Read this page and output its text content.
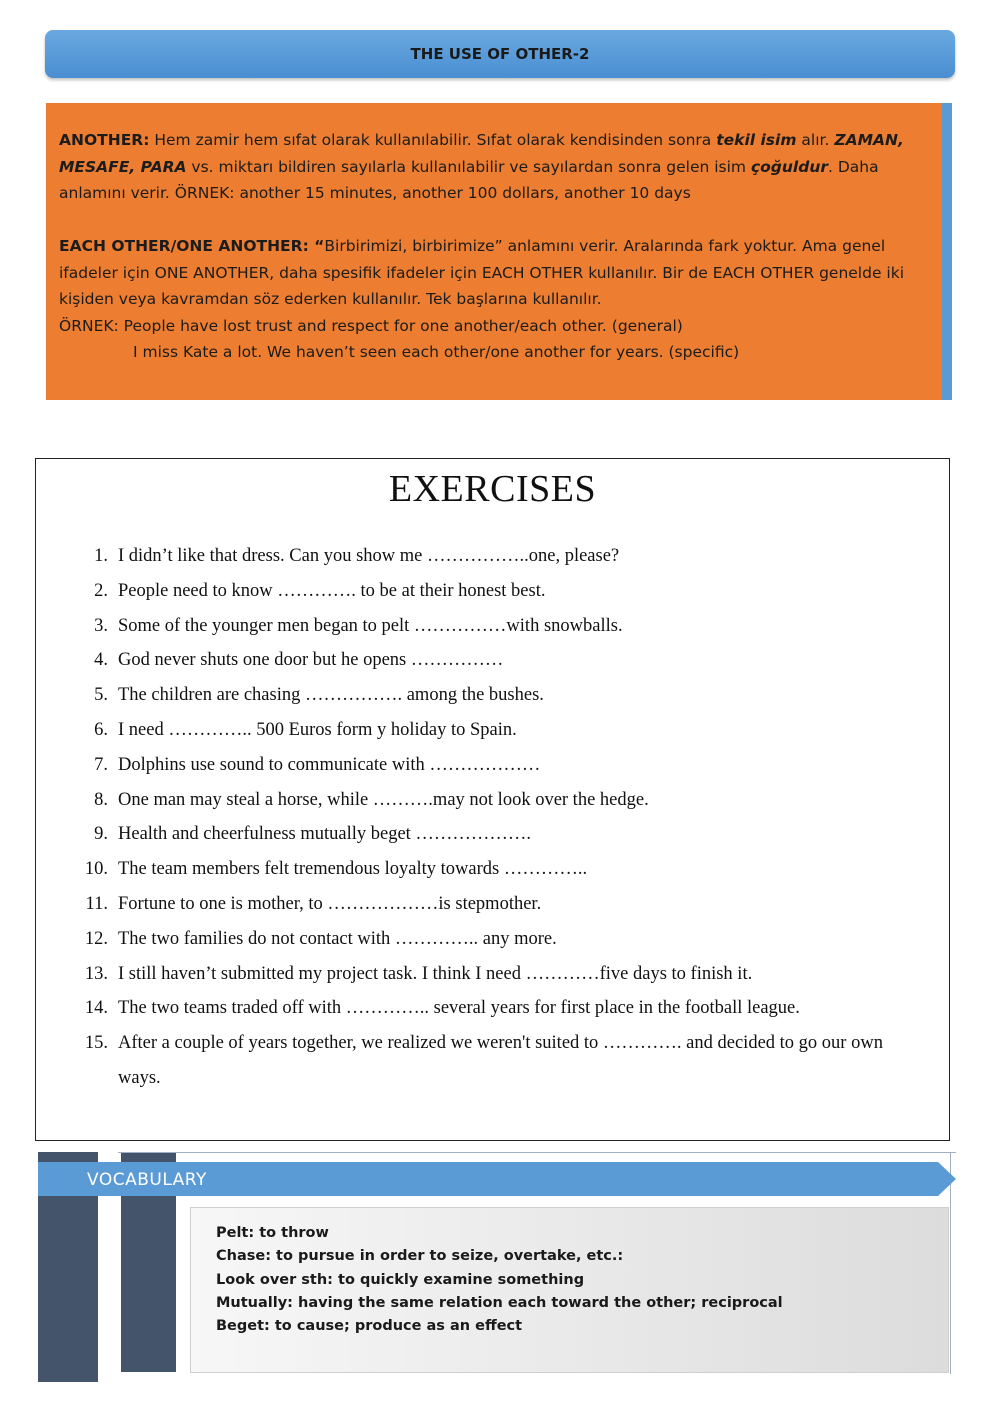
THE USE OF OTHER-2

ANOTHER: Hem zamir hem sıfat olarak kullanılabilir. Sıfat olarak kendisinden sonra tekil isim alır. ZAMAN, MESAFE, PARA vs. miktarı bildiren sayılarla kullanılabilir ve sayılardan sonra gelen isim çoğuldur. Daha anlamını verir. ÖRNEK: another 15 minutes, another 100 dollars, another 10 days

EACH OTHER/ONE ANOTHER: “Birbirimizi, birbirimize” anlamını verir. Aralarında fark yoktur. Ama genel ifadeler için ONE ANOTHER, daha spesifik ifadeler için EACH OTHER kullanılır. Bir de EACH OTHER genelde iki kişiden veya kavramdan söz ederken kullanılır. Tek başlarına kullanılır.

ÖRNEK: People have lost trust and respect for one another/each other. (general)

I miss Kate a lot. We haven’t seen each other/one another for years. (specific)

EXERCISES
1. I didn’t like that dress. Can you show me ……………..one, please?
2. People need to know …………. to be at their honest best.
3. Some of the younger men began to pelt ……………with snowballs.
4. God never shuts one door but he opens ……………
5. The children are chasing ……………. among the bushes.
6. I need ………….. 500 Euros form y holiday to Spain.
7. Dolphins use sound to communicate with ………………
8. One man may steal a horse, while ……….may not look over the hedge.
9. Health and cheerfulness mutually beget ……………….
10. The team members felt tremendous loyalty towards …………..
11. Fortune to one is mother, to ………………is stepmother.
12. The two families do not contact with ………….. any more.
13. I still haven’t submitted my project task. I think I need …………five days to finish it.
14. The two teams traded off with ………….. several years for first place in the football league.
15. After a couple of years together, we realized we weren't suited to …………. and decided to go our own ways.
VOCABULARY
Pelt: to throw
Chase: to pursue in order to seize, overtake, etc.:
Look over sth: to quickly examine something
Mutually: having the same relation each toward the other; reciprocal
Beget: to cause; produce as an effect
